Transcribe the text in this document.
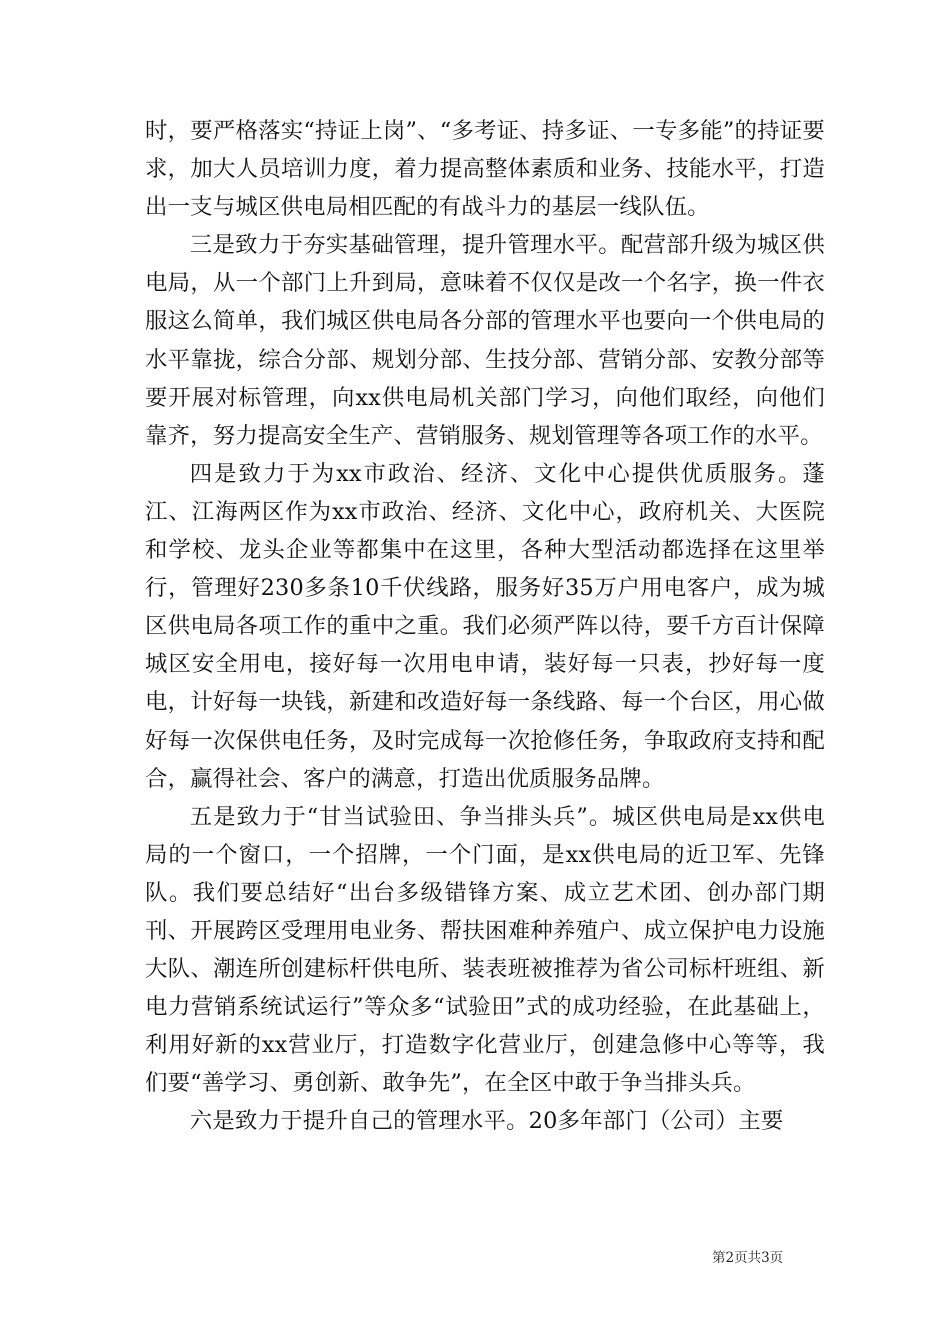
时，要严格落实“持证上岗”、“多考证、持多证、一专多能”的持证要求，加大人员培训力度，着力提高整体素质和业务、技能水平，打造出一支与城区供电局相匹配的有战斗力的基层一线队伍。

三是致力于夯实基础管理，提升管理水平。配营部升级为城区供电局，从一个部门上升到局，意味着不仅仅是改一个名字，换一件衣服这么简单，我们城区供电局各分部的管理水平也要向一个供电局的水平靠拢，综合分部、规划分部、生技分部、营销分部、安教分部等要开展对标管理，向xx供电局机关部门学习，向他们取经，向他们靠齐，努力提高安全生产、营销服务、规划管理等各项工作的水平。

四是致力于为xx市政治、经济、文化中心提供优质服务。蓬江、江海两区作为xx市政治、经济、文化中心，政府机关、大医院和学校、龙头企业等都集中在这里，各种大型活动都选择在这里举行，管理好230多条10千伏线路，服务好35万户用电客户，成为城区供电局各项工作的重中之重。我们必须严阵以待，要千方百计保障城区安全用电，接好每一次用电申请，装好每一只表，抄好每一度电，计好每一块钱，新建和改造好每一条线路、每一个台区，用心做好每一次保供电任务，及时完成每一次抢修任务，争取政府支持和配合，赢得社会、客户的满意，打造出优质服务品牌。

五是致力于“甘当试验田、争当排头兵”。城区供电局是xx供电局的一个窗口，一个招牌，一个门面，是xx供电局的近卫军、先锋队。我们要总结好“出台多级错锋方案、成立艺术团、创办部门期刊、开展跨区受理用电业务、帮扶困难种养殖户、成立保护电力设施大队、潮连所创建标杆供电所、装表班被推荐为省公司标杆班组、新电力营销系统试运行”等众多“试验田”式的成功经验，在此基础上，利用好新的xx营业厅，打造数字化营业厅，创建急修中心等等，我们要“善学习、勇创新、敢争先”，在全区中敢于争当排头兵。

六是致力于提升自己的管理水平。20多年部门（公司）主要

第2页共3页
